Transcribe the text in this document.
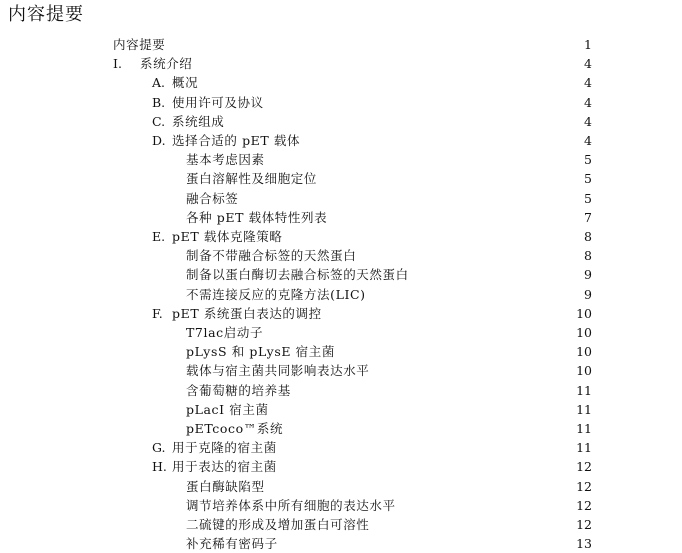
内容提要
内容提要	1
I. 系统介绍	4
A. 概况	4
B. 使用许可及协议	4
C. 系统组成	4
D. 选择合适的 pET 载体	4
基本考虑因素	5
蛋白溶解性及细胞定位	5
融合标签	5
各种 pET 载体特性列表	7
E. pET 载体克隆策略	8
制备不带融合标签的天然蛋白	8
制备以蛋白酶切去融合标签的天然蛋白	9
不需连接反应的克隆方法(LIC)	9
F. pET 系统蛋白表达的调控	10
T7lac启动子	10
pLysS 和 pLysE 宿主菌	10
载体与宿主菌共同影响表达水平	10
含葡萄糖的培养基	11
pLacI 宿主菌	11
pETcoco™系统	11
G. 用于克隆的宿主菌	11
H. 用于表达的宿主菌	12
蛋白酶缺陷型	12
调节培养体系中所有细胞的表达水平	12
二硫键的形成及增加蛋白可溶性	12
补充稀有密码子	13
